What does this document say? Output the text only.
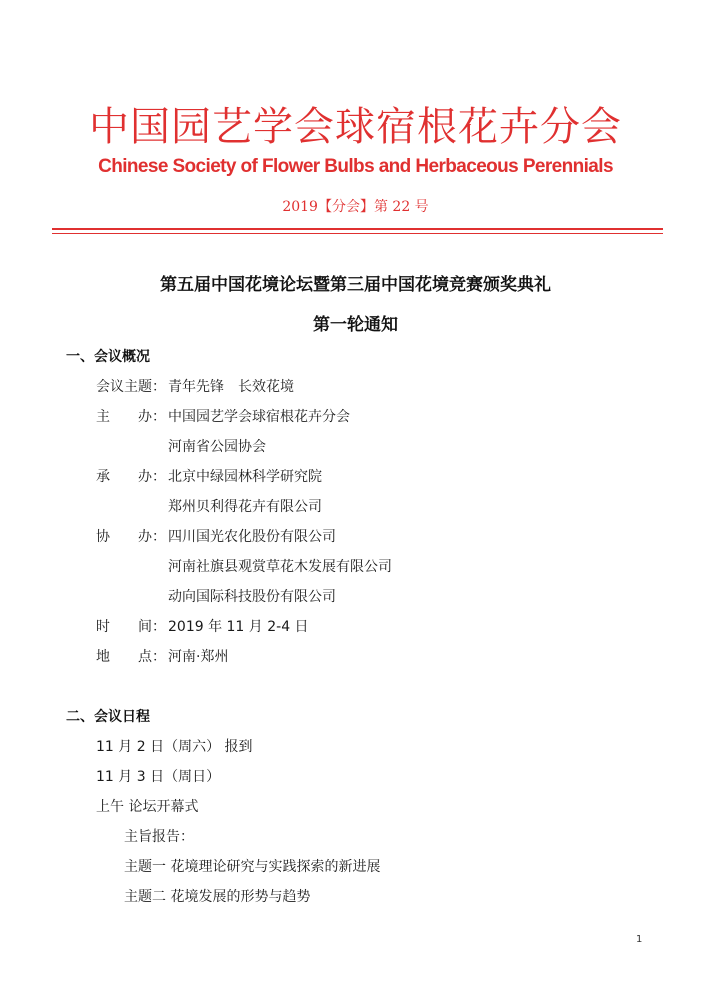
中国园艺学会球宿根花卉分会
Chinese Society of Flower Bulbs and Herbaceous Perennials
2019【分会】第 22 号
第五届中国花境论坛暨第三届中国花境竞赛颁奖典礼
第一轮通知
一、会议概况
会议主题： 青年先锋　长效花境
主　　办： 中国园艺学会球宿根花卉分会
河南省公园协会
承　　办： 北京中绿园林科学研究院
郑州贝利得花卉有限公司
协　　办： 四川国光农化股份有限公司
河南社旗县观赏草花木发展有限公司
动向国际科技股份有限公司
时　　间： 2019 年 11 月 2-4 日
地　　点： 河南·郑州
二、会议日程
11 月 2 日（周六） 报到
11 月 3 日（周日）
上午 论坛开幕式
主旨报告：
主题一 花境理论研究与实践探索的新进展
主题二 花境发展的形势与趋势
1
